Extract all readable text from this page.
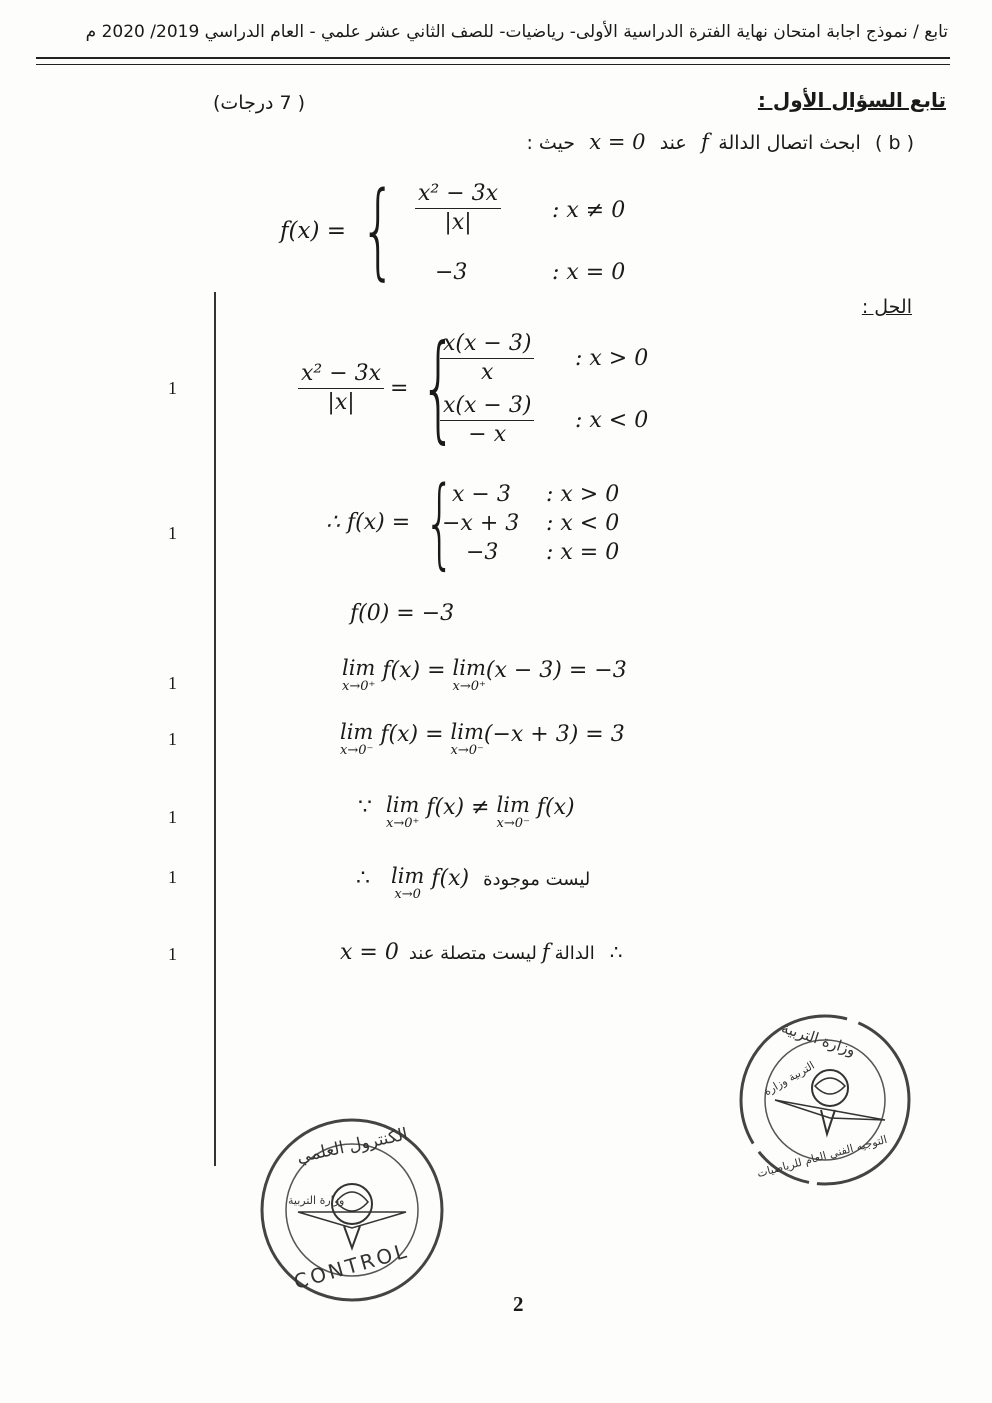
تابع / نموذج اجابة امتحان نهاية الفترة الدراسية الأولى- رياضيات- للصف الثاني عشر علمي - العام الدراسي 2019/ 2020 م
تابع السؤال الأول :
( 7 درجات)
( b )   ابحث اتصال الدالة  f   عند   x = 0   حيث :
f(x) = { $\frac{\text{x² − 3x}}{|x|}$ : x ≠ 0
−3	: x = 0
الحل :
$\frac{\text{x² − 3x}}{|x|}$ = {
$\frac{x(x - 3)}{x}$ : x > 0
$\frac{x(x - 3)}{- x}$ : x < 0
1
∴ f(x) = {
x − 3 : x > 0
−x + 3 : x < 0
−3 : x = 0
1
f(0) = −3
lim
x→0⁺
f(x) = lim
x→0⁺
(x − 3) = −3
1
lim
x→0⁻
f(x) = lim
x→0⁻
(−x + 3) = 3
1
∵ lim
x→0⁺
f(x) ≠ lim
x→0⁻
f(x)
1
∴ lim
x→0
f(x) ليست موجودة
1
x = 0 ليست متصلة عند f الدالة ∴
1
وزارة التربية
التربية وزارة
التوجيه الفني العام للرياضيات
الكنترول العلمي
وزارة التربية
CONTROL
2
